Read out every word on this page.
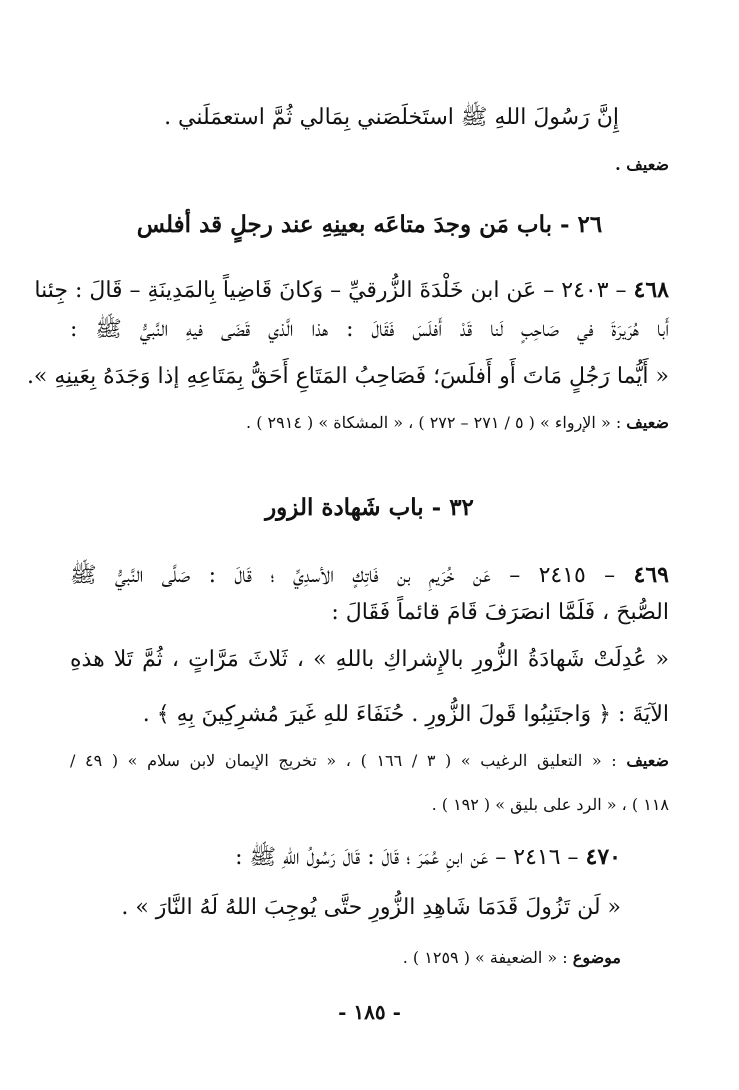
إِنَّ رَسُولَ اللهِ ﷺ استَخلَصَني بِمَالي ثُمَّ استعمَلَني .
ضعيف .
٢٦ - باب مَن وجدَ متاعَه بعينِهِ عند رجلٍ قد أفلس
٤٦٨ – ٢٤٠٣ – عَن ابن خَلْدَةَ الزُّرقيِّ – وَكانَ قَاضِياً بِالمَدِينَةِ – قَالَ : جِئنا
أَبا هُرَيرَةَ في صَاحِبٍ لَنا قَدْ أَفلَسَ فَقَالَ : هذا الَّذي قَضَى فيهِ النَّبيُّ ﷺ :
« أَيُّما رَجُلٍ مَاتَ أَو أَفلَسَ؛ فَصَاحِبُ المَتَاعِ أَحَقُّ بِمَتَاعِهِ إذا وَجَدَهُ بِعَينِهِ ».
ضعيف : « الإرواء » ( ٥ / ٢٧١ – ٢٧٢ ) ، « المشكاة » ( ٢٩١٤ ) .
٣٢ - باب شَهادة الزور
٤٦٩ – ٢٤١٥ – عَن خُرَيمِ بن فَاتِكٍ الأسدِيِّ ؛ قَالَ : صَلَّى النَّبيُّ ﷺ
الصُّبحَ ، فَلَمَّا انصَرَفَ قَامَ قائماً فَقَالَ :
« عُدِلَتْ شَهادَةُ الزُّورِ بالإِشراكِ باللهِ » ، ثَلاثَ مَرَّاتٍ ، ثُمَّ تَلا هذهِ
الآيَةَ : ﴿ وَاجتَنِبُوا قَولَ الزُّورِ . حُنَفَاءَ للهِ غَيرَ مُشرِكِينَ بِهِ ﴾ .
ضعيف : « التعليق الرغيب » ( ٣ / ١٦٦ ) ، « تخريج الإيمان لابن سلام » ( ٤٩ /
١١٨ ) ، « الرد على بليق » ( ١٩٢ ) .
٤٧٠ – ٢٤١٦ – عَن ابنِ عُمَرَ ؛ قَالَ : قَالَ رَسُولُ اللهِ ﷺ :
« لَن تَزُولَ قَدَمَا شَاهِدِ الزُّورِ حتَّى يُوجِبَ اللهُ لَهُ النَّارَ » .
موضوع : « الضعيفة » ( ١٢٥٩ ) .
- ١٨٥ -
